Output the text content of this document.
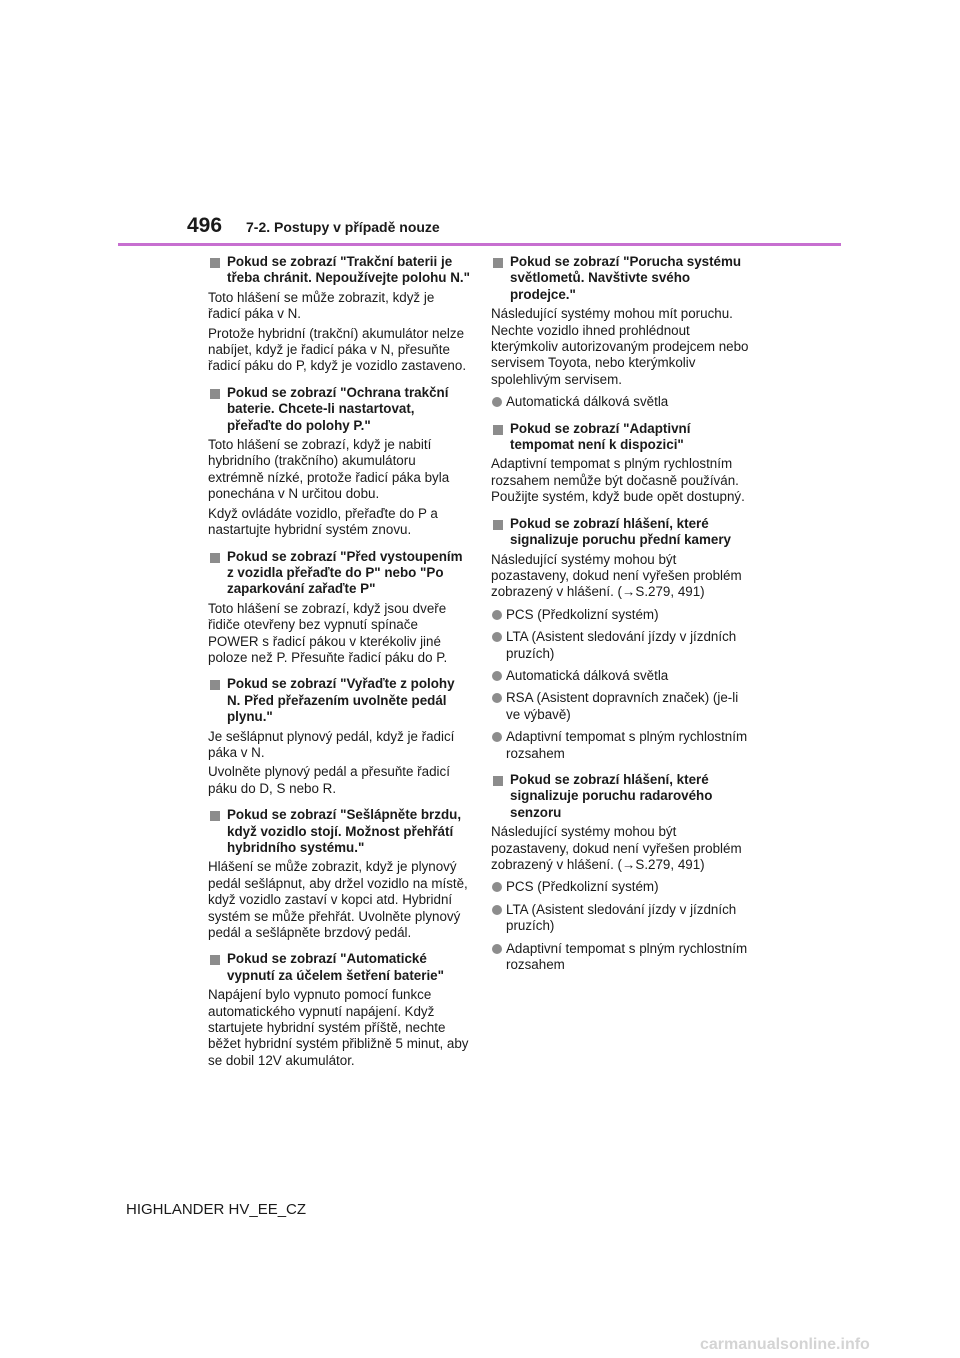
496 7-2. Postupy v případě nouze
Pokud se zobrazí "Trakční baterii je třeba chránit. Nepoužívejte polohu N."
Toto hlášení se může zobrazit, když je řadicí páka v N.
Protože hybridní (trakční) akumulátor nelze nabíjet, když je řadicí páka v N, přesuňte řadicí páku do P, když je vozidlo zastaveno.
Pokud se zobrazí "Ochrana trakční baterie. Chcete-li nastartovat, přeřaďte do polohy P."
Toto hlášení se zobrazí, když je nabití hybridního (trakčního) akumulátoru extrémně nízké, protože řadicí páka byla ponechána v N určitou dobu.
Když ovládáte vozidlo, přeřaďte do P a nastartujte hybridní systém znovu.
Pokud se zobrazí "Před vystoupením z vozidla přeřaďte do P" nebo "Po zaparkování zařaďte P"
Toto hlášení se zobrazí, když jsou dveře řidiče otevřeny bez vypnutí spínače POWER s řadicí pákou v kterékoliv jiné poloze než P. Přesuňte řadicí páku do P.
Pokud se zobrazí "Vyřaďte z polohy N. Před přeřazením uvolněte pedál plynu."
Je sešlápnut plynový pedál, když je řadicí páka v N.
Uvolněte plynový pedál a přesuňte řadicí páku do D, S nebo R.
Pokud se zobrazí "Sešlápněte brzdu, když vozidlo stojí. Možnost přehřátí hybridního systému."
Hlášení se může zobrazit, když je plynový pedál sešlápnut, aby držel vozidlo na místě, když vozidlo zastaví v kopci atd. Hybridní systém se může přehřát. Uvolněte plynový pedál a sešlápněte brzdový pedál.
Pokud se zobrazí "Automatické vypnutí za účelem šetření baterie"
Napájení bylo vypnuto pomocí funkce automatického vypnutí napájení. Když startujete hybridní systém příště, nechte běžet hybridní systém přibližně 5 minut, aby se dobil 12V akumulátor.
Pokud se zobrazí "Porucha systému světlometů. Navštivte svého prodejce."
Následující systémy mohou mít poruchu. Nechte vozidlo ihned prohlédnout kterýmkoliv autorizovaným prodejcem nebo servisem Toyota, nebo kterýmkoliv spolehlivým servisem.
Automatická dálková světla
Pokud se zobrazí "Adaptivní tempomat není k dispozici"
Adaptivní tempomat s plným rychlostním rozsahem nemůže být dočasně používán. Použijte systém, když bude opět dostupný.
Pokud se zobrazí hlášení, které signalizuje poruchu přední kamery
Následující systémy mohou být pozastaveny, dokud není vyřešen problém zobrazený v hlášení. (→S.279, 491)
PCS (Předkolizní systém)
LTA (Asistent sledování jízdy v jízdních pruzích)
Automatická dálková světla
RSA (Asistent dopravních značek) (je-li ve výbavě)
Adaptivní tempomat s plným rychlostním rozsahem
Pokud se zobrazí hlášení, které signalizuje poruchu radarového senzoru
Následující systémy mohou být pozastaveny, dokud není vyřešen problém zobrazený v hlášení. (→S.279, 491)
PCS (Předkolizní systém)
LTA (Asistent sledování jízdy v jízdních pruzích)
Adaptivní tempomat s plným rychlostním rozsahem
HIGHLANDER HV_EE_CZ
carmanualsonline.info
